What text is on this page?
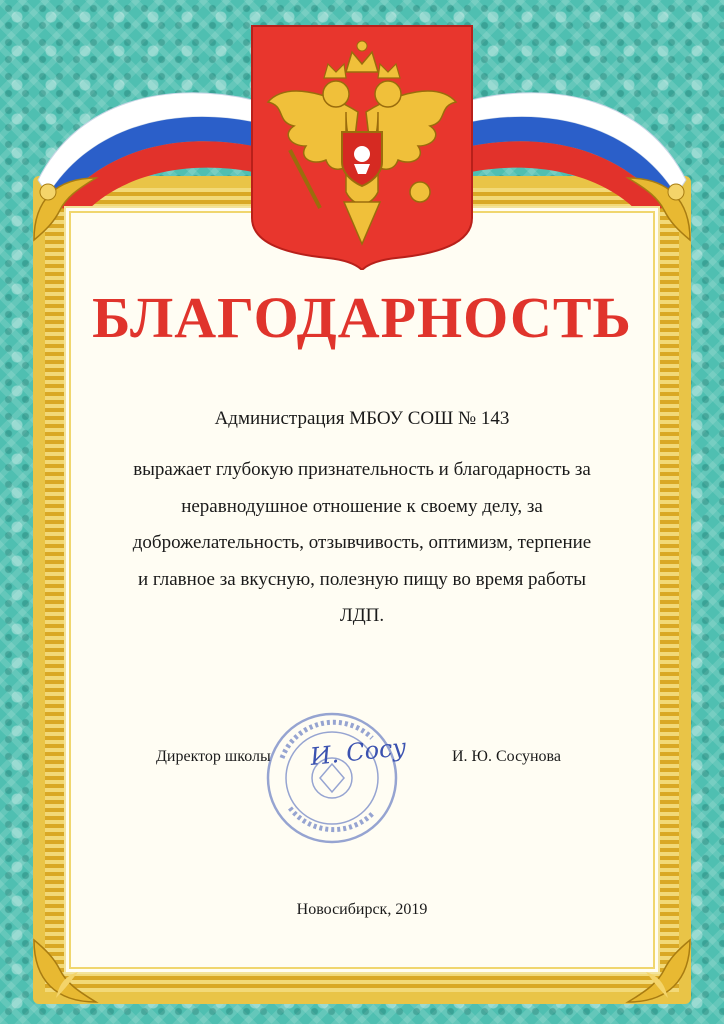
БЛАГОДАРНОСТЬ
Администрация МБОУ СОШ № 143
выражает глубокую признательность и благодарность за
неравнодушное отношение к своему делу, за
доброжелательность, отзывчивость, оптимизм, терпение
и главное за вкусную, полезную пищу во время работы
ЛДП.
Директор школы И. Сосу	И. Ю. Сосунова
Новосибирск, 2019
